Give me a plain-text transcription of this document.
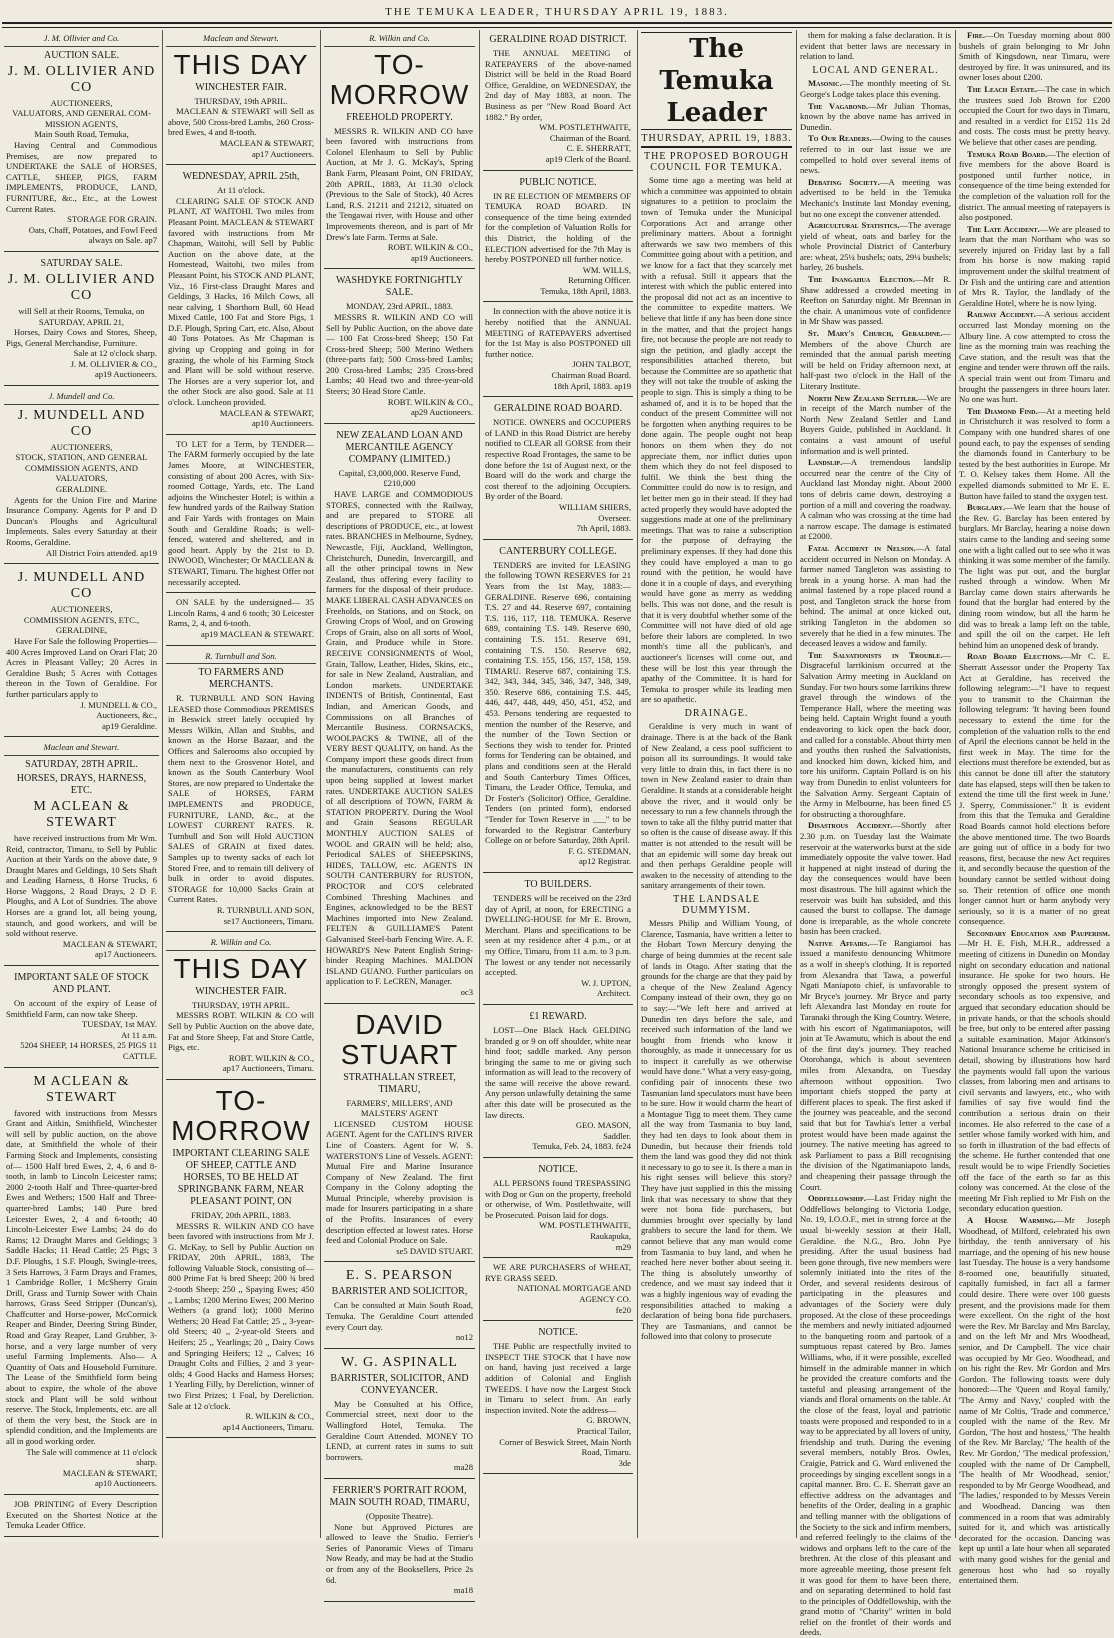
THE TEMUKA LEADER, THURSDAY APRIL 19, 1883.
J. M. Ollivier and Co.
AUCTION SALE.
J. M. OLLIVIER AND CO
AUCTIONEERS,
VALUATORS, AND GENERAL COM-
MISSION AGENTS,
Main South Road, Temuka,
Having Central and Commodious Premises, are now prepared to UNDERTAKE the SALE of HORSES, CATTLE, SHEEP, PIGS, FARM IMPLEMENTS, PRODUCE, LAND, FURNITURE, &c., Etc., at the Lowest Current Rates.
STORAGE FOR GRAIN.
Oats, Chaff, Potatoes, and Fowl Feed always on Sale. ap7
SATURDAY SALE.
J. M. OLLIVIER AND CO
will Sell at their Rooms, Temuka, on
SATURDAY, APRIL 21,
Horses, Dairy Cows and Stores, Sheep, Pigs, General Merchandise, Furniture.
Sale at 12 o'clock sharp.
J. M. OLLIVIER & CO.,
ap19 Auctioneers.
J. Mundell and Co.
J. MUNDELL AND CO
AUCTIONEERS,
STOCK, STATION, AND GENERAL COMMISSION AGENTS, AND VALUATORS,
GERALDINE.
Agents for the Union Fire and Marine Insurance Company. Agents for P and D Duncan's Ploughs and Agricultural Implements. Sales every Saturday at their Rooms, Geraldine.
All District Foirs attended. ap19
J. MUNDELL AND CO
AUCTIONEERS,
COMMISSION AGENTS, ETC.,
GERALDINE,
Have For Sale the following Properties— 400 Acres Improved Land on Orari Flat; 20 Acres in Pleasant Valley; 20 Acres in Geraldine Bush; 5 Acres with Cottages thereon in the Town of Geraldine. For further particulars apply to
J. MUNDELL & CO.,
Auctioneers, &c.,
ap19 Geraldine.
Maclean and Stewart.
SATURDAY, 28TH APRIL.
HORSES, DRAYS, HARNESS, ETC.
M ACLEAN & STEWART
have received instructions from Mr Wm. Reid, contractor, Timaru, to Sell by Public Auction at their Yards on the above date, 9 Draught Mares and Geldings, 10 Sets Shaft and Leading Harness, 8 Horse Trucks, 6 Horse Waggons, 2 Road Drays, 2 D F. Ploughs, and A Lot of Sundries. The above Horses are a grand lot, all being young, staunch, and good workers, and will be sold without reserve.
MACLEAN & STEWART,
ap17 Auctioneers.
IMPORTANT SALE OF STOCK AND PLANT.
On account of the expiry of Lease of Smithfield Farm, can now take Sheep.
TUESDAY, 1st MAY.
At 11 a.m.
5204 SHEEP, 14 HORSES, 25 PIGS 11 CATTLE.
M ACLEAN & STEWART
favored with instructions from Messrs Grant and Aitkin, Smithfield, Winchester will sell by public auction, on the above date, at Smithfield the whole of their Farming Stock and Implements, consisting of— 1500 Half bred Ewes, 2, 4, 6 and 8-tooth, in lamb to Lincoln Leicester rams; 2000 2-tooth Half and Three-quarter-bred Ewes and Wethers; 1500 Half and Three-quarter-bred Lambs; 140 Pure bred Leicester Ewes, 2, 4 and 6-tooth; 40 Lincoln-Leicester Ewe Lambs; 24 do do Rams; 12 Draught Mares and Geldings; 3 Saddle Hacks; 11 Head Cattle; 25 Pigs; 3 D.F. Ploughs, 1 S.F. Plough, Swingle-trees, 3 Sets Harrows, 3 Farm Drays and Frames, 1 Cambridge Roller, 1 McSherry Grain Drill, Grass and Turnip Sower with Chain harrows, Grass Seed Stripper (Duncan's), Chaffcutter and Horse-power, McCormick Reaper and Binder, Deering String Binder, Road and Gray Reaper, Land Grubber, 3-horse, and a very large number of very useful Farming Implements. Also— A Quantity of Oats and Household Furniture. The Lease of the Smithfield form being about to expire, the whole of the above stock and Plant will be sold without reserve. The Stock, Implements, etc. are all of them the very best, the Stock are in splendid condition, and the Implements are all in good working order.
The Sale will commence at 11 o'clock sharp.
MACLEAN & STEWART,
ap10 Auctioneers.
JOB PRINTING of Every Description Executed on the Shortest Notice at the Temuka Leader Office.
Maclean and Stewart.
THIS DAY
WINCHESTER FAIR.
THURSDAY, 19th APRIL.
MACLEAN & STEWART will Sell as above, 500 Cross-bred Lambs, 260 Cross-bred Ewes, 4 and 8-tooth.
MACLEAN & STEWART,
ap17 Auctioneers.
WEDNESDAY, APRIL 25th,
At 11 o'clock.
CLEARING SALE OF STOCK AND PLANT, AT WAITOHI. Two miles from Pleasant Point. MACLEAN & STEWART favored with instructions from Mr Chapman, Waitohi, will Sell by Public Auction on the above date, at the Homestead, Waitohi, two miles from Pleasant Point, his STOCK AND PLANT, Viz., 16 First-class Draught Mares and Geldings, 3 Hacks, 16 Milch Cows, all near calving, 1 Shorthorn Bull, 60 Head Mixed Cattle, 100 Fat and Store Pigs, 1 D.F. Plough, Spring Cart, etc. Also, About 40 Tons Potatoes. As Mr Chapman is giving up Cropping and going in for grazing, the whole of his Farming Stock and Plant will be sold without reserve. The Horses are a very superior lot, and the other Stock are also good. Sale at 11 o'clock. Luncheon provided.
MACLEAN & STEWART,
ap10 Auctioneers.
TO LET for a Term, by TENDER— The FARM formerly occupied by the late James Moore, at WINCHESTER, consisting of about 200 Acres, with Six-roomed Cottage, Yards, etc. The Land adjoins the Winchester Hotel; is within a few hundred yards of the Railway Station and Fair Yards with frontages on Main South and Geraldine Roads; is well-fenced, watered and sheltered, and in good heart. Apply by the 21st to D. INWOOD, Winchester; Or MACLEAN & STEWART, Timaru. The highest Offer not necessarily accepted.
ON SALE by the undersigned— 35 Lincoln Rams, 4 and 6 tooth; 30 Leicester Rams, 2, 4, and 6-tooth.
ap19 MACLEAN & STEWART.
R. Turnbull and Son.
TO FARMERS AND MERCHANTS.
R. TURNBULL AND SON Having LEASED those Commodious PREMISES in Beswick street lately occupied by Messrs Wilkin, Allan and Stubbs, and known as the Horse Bazaar, and the Offices and Salerooms also occupied by them next to the Grosvenor Hotel, and known as the South Canterbury Wool Stores, are now prepared to Undertake the SALE of HORSES, FARM IMPLEMENTS and PRODUCE, FURNITURE, LAND, &c., at the LOWEST CURRENT RATES. R. Turnbull and Son will Hold AUCTION SALES of GRAIN at fixed dates. Samples up to twenty sacks of each lot Stored Free, and to remain till delivery of bulk in order to avoid disputes. STORAGE for 10,000 Sacks Grain at Current Rates.
R. TURNBULL AND SON,
se17 Auctioneers, Timaru.
R. Wilkin and Co.
THIS DAY
WINCHESTER FAIR.
THURSDAY, 19TH APRIL.
MESSRS ROBT. WILKIN & CO will Sell by Public Auction on the above date, Fat and Store Sheep, Fat and Store Cattle, Pigs, etc.
ROBT. WILKIN & CO.,
ap17 Auctioneers, Timaru.
TO-MORROW
IMPORTANT CLEARING SALE OF SHEEP, CATTLE AND HORSES, TO BE HELD AT SPRINGBANK FARM, NEAR PLEASANT POINT, ON
FRIDAY, 20th APRIL, 1883.
MESSRS R. WILKIN AND CO have been favored with instructions from Mr J. G. McKay, to Sell by Public Auction on FRIDAY, 20th APRIL, 1883, The following Valuable Stock, consisting of— 800 Prime Fat ¾ bred Sheep; 200 ¾ bred 2-tooth Sheep; 250 ,, Spaying Ewes; 450 ,, Lambs; 1200 Merino Ewes; 200 Merino Wethers (a grand lot); 1000 Merino Wethers; 20 Head Fat Cattle; 25 ,, 3-year-old Steers; 40 ,, 2-year-old Steers and Heifers; 25 ,, Yearlings; 20 ,, Dairy Cows and Springing Heifers; 12 ,, Calves; 16 Draught Colts and Fillies, 2 and 3 year-olds; 4 Good Hacks and Harness Horses; 1 Yearling Filly, by Dereliction, winner of two First Prizes; 1 Foal, by Dereliction. Sale at 12 o'clock.
R. WILKIN & CO.,
ap14 Auctioneers, Timaru.
R. Wilkin and Co.
TO-MORROW
FREEHOLD PROPERTY.
MESSRS R. WILKIN AND CO have been favored with instructions from Colonel Elenhaum to Sell by Public Auction, at Mr J. G. McKay's, Spring Bank Farm, Pleasant Point, ON FRIDAY, 20th APRIL, 1883, At 11.30 o'clock (Previous to the Sale of Stock), 40 Acres Land, R.S. 21211 and 21212, situated on the Tengawai river, with House and other Improvements thereon, and is part of Mr Drew's late Farm. Terms at Sale.
ROBT. WILKIN & CO.,
ap19 Auctioneers.
WASHDYKE FORTNIGHTLY SALE.
MONDAY, 23rd APRIL, 1883.
MESSRS R. WILKIN AND CO will Sell by Public Auction, on the above date— 100 Fat Cross-bred Sheep; 150 Fat Cross-bred Sheep; 500 Merino Wethers (three-parts fat); 500 Cross-bred Lambs; 200 Cross-bred Lambs; 235 Cross-bred Lambs; 40 Head two and three-year-old Steers; 30 Head Store Cattle.
ROBT. WILKIN & CO.,
ap29 Auctioneers.
NEW ZEALAND LOAN AND MERCANTILE AGENCY COMPANY (LIMITED.)
Capital, £3,000,000. Reserve Fund, £210,000
HAVE LARGE and COMMODIOUS STORES, connected with the Railway, and are prepared to STORE all descriptions of PRODUCE, etc., at lowest rates. BRANCHES in Melbourne, Sydney, Newcastle, Fiji, Auckland, Wellington, Christchurch, Dunedin, Invercargill, and all the other principal towns in New Zealand, thus offering every facility to farmers for the disposal of their produce. MAKE LIBERAL CASH ADVANCES on Freeholds, on Stations, and on Stock, on Growing Crops of Wool, and on Growing Crops of Grain, also on all sorts of Wool, Grain, and Produce while in Store. RECEIVE CONSIGNMENTS of Wool, Grain, Tallow, Leather, Hides, Skins, etc., for sale in New Zealand, Australian, and London markets. UNDERTAKE INDENTS of British, Continental, East Indian, and American Goods, and Commissions on all Branches of Mercantile Business. CORNSACKS, WOOLPACKS & TWINE, all of the VERY BEST QUALITY, on hand. As the Company import these goods direct from the manufacturers, constituents can rely upon being supplied at lowest market rates. UNDERTAKE AUCTION SALES of all descriptions of TOWN, FARM & STATION PROPERTY. During the Wool and Grain Seasons REGULAR MONTHLY AUCTION SALES of WOOL and GRAIN will be held; also, Periodical SALES of SHEEPSKINS, HIDES, TALLOW, etc. AGENTS IN SOUTH CANTERBURY for RUSTON, PROCTOR and CO'S celebrated Combined Threshing Machines and Engines, acknowledged to be the BEST Machines imported into New Zealand. FELTEN & GUILLIAME'S Patent Galvanised Steel-barb Fencing Wire. A. F. HOWARD'S New Patent English String-binder Reaping Machines. MALDON ISLAND GUANO. Further particulars on application to F. LeCREN, Manager.
oc3
DAVID STUART
STRATHALLAN STREET, TIMARU,
FARMERS', MILLERS', AND MALSTERS' AGENT
LICENSED CUSTOM HOUSE AGENT. Agent for the CATLIN'S RIVER Line of Coasters. Agent for W. S. WATERSTON'S Line of Vessels. AGENT: Mutual Fire and Marine Insurance Company of New Zealand. The first Company in the Colony adopting the Mutual Principle, whereby provision is made for Insurers participating in a share of the Profits. Insurances of every description effected at lowest rates. Horse feed and Colonial Produce on Sale.
se5 DAVID STUART.
E. S. PEARSON
BARRISTER AND SOLICITOR,
Can be consulted at Main South Road, Temuka. The Geraldine Court attended every Court day.
no12
W. G. ASPINALL
BARRISTER, SOLICITOR, AND CONVEYANCER.
May be Consulted at his Office, Commercial street, next door to the Wallingford Hotel, Temuka. The Geraldine Court Attended. MONEY TO LEND, at current rates in sums to suit borrowers.
ma28
FERRIER'S PORTRAIT ROOM, MAIN SOUTH ROAD, TIMARU,
(Opposite Theatre).
None but Approved Pictures are allowed to leave the Studio. Ferrier's Series of Panoramic Views of Timaru Now Ready, and may be had at the Studio or from any of the Booksellers, Price 2s 6d.
ma18
GERALDINE ROAD DISTRICT.
THE ANNUAL MEETING of RATEPAYERS of the above-named District will be held in the Road Board Office, Geraldine, on WEDNESDAY, the 2nd day of May 1883, at noon. The Business as per "New Road Board Act 1882." By order,
WM. POSTLETHWAITE,
Chairman of the Board.
C. E. SHERRATT,
ap19 Clerk of the Board.
PUBLIC NOTICE.
IN RE ELECTION OF MEMBERS OF TEMUKA ROAD BOARD. IN consequence of the time being extended for the completion of Valuation Rolls for this District, the holding of the ELECTION advertised for the 7th May is hereby POSTPONED till further notice.
WM. WILLS,
Returning Officer.
Temuka, 18th April, 1883.
In connection with the above notice it is hereby notified that the ANNUAL MEETING of RATEPAYERS advertised for the 1st May is also POSTPONED till further notice.
JOHN TALBOT,
Chairman Road Board.
18th April, 1883. ap19
GERALDINE ROAD BOARD.
NOTICE. OWNERS and OCCUPIERS of LAND in this Road District are hereby notified to CLEAR all GORSE from their respective Road Frontages, the same to be done before the 1st of August next, or the Board will do the work and charge the cost thereof to the adjoining Occupiers. By order of the Board.
WILLIAM SHIERS,
Overseer.
7th April, 1883.
CANTERBURY COLLEGE.
TENDERS are invited for LEASING the following TOWN RESERVES for 21 Years from the 1st May, 1883:— GERALDINE. Reserve 696, containing T.S. 27 and 44. Reserve 697, containing T.S. 116, 117, 118. TEMUKA. Reserve 689, containing T.S. 149. Reserve 690, containing T.S. 151. Reserve 691, containing T.S. 150. Reserve 692, containing T.S. 155, 156, 157, 158, 159. TIMARU. Reserve 687, containing T.S. 342, 343, 344, 345, 346, 347, 348, 349, 350. Reserve 686, containing T.S. 445, 446, 447, 448, 449, 450, 451, 452, and 453. Persons tendering are requested to mention the number of the Reserve, and the number of the Town Section or Sections they wish to tender for. Printed forms for Tendering can be obtained, and plans and conditions seen at the Herald and South Canterbury Times Offices, Timaru, the Leader Office, Temuka, and Dr Foster's (Solicitor) Office, Geraldine. Tenders (on printed form), endorsed "Tender for Town Reserve in ___" to be forwarded to the Registrar Canterbury College on or before Saturday, 28th April.
F. G. STEDMAN,
ap12 Registrar.
TO BUILDERS.
TENDERS will be received on the 23rd day of April, at noon, for ERECTING a DWELLING-HOUSE for Mr E. Brown, Merchant. Plans and specifications to be seen at my residence after 4 p.m., or at my Office, Timaru, from 11 a.m. to 3 p.m. The lowest or any tender not necessarily accepted.
W. J. UPTON,
Architect.
£1 REWARD.
LOST—One Black Hack GELDING branded g or 9 on off shoulder, white near hind foot; saddle marked. Any person bringing the same to me or giving such information as will lead to the recovery of the same will receive the above reward. Any person unlawfully detaining the same after this date will be prosecuted as the law directs.
GEO. MASON,
Saddler.
Temuka, Feb. 24, 1883. fe24
NOTICE.
ALL PERSONS found TRESPASSING with Dog or Gun on the property, freehold or otherwise, of Wm. Postlethwaite, will be Prosecuted. Poison laid for dogs.
WM. POSTLETHWAITE,
Raukapuka,
m29
WE ARE PURCHASERS of WHEAT, RYE GRASS SEED.
NATIONAL MORTGAGE AND AGENCY CO.
fe20
NOTICE.
THE Public are respectfully invited to INSPECT THE STOCK that I have now on hand, having just received a large addition of Colonial and English TWEEDS. I have now the Largest Stock in Timaru to select from. An early inspection invited. Note the address—
G. BROWN,
Practical Tailor,
Corner of Beswick Street, Main North Road, Timaru.
3de
The Temuka Leader
THURSDAY, APRIL 19, 1883.
THE PROPOSED BOROUGH COUNCIL FOR TEMUKA.
Some time ago a meeting was held at which a committee was appointed to obtain signatures to a petition to proclaim the town of Temuka under the Municipal Corporations Act and arrange other preliminary matters. About a fortnight afterwards we saw two members of this Committee going about with a petition, and we know for a fact that they scarcely met with a refusal. Still it appears that the interest with which the public entered into the proposal did not act as an incentive to the committee to expedite matters. We believe that little if any has been done since in the matter, and that the project hangs fire, not because the people are not ready to sign the petition, and gladly accept the responsibilities attached thereto, but because the Committee are so apathetic that they will not take the trouble of asking the people to sign. This is simply a thing to be ashamed of, and it is to be hoped that the conduct of the present Committee will not be forgotten when anything requires to be done again. The people ought not heap honors on them when they do not appreciate them, nor inflict duties upon them which they do not feel disposed to fulfil. We think the best thing the Committee could do now is to resign, and let better men go in their stead. If they had acted properly they would have adopted the suggestions made at one of the preliminary meetings. That was to raise a subscription for the purpose of defraying the preliminary expenses. If they had done this they could have employed a man to go round with the petition, he would have done it in a couple of days, and everything would have gone as merry as wedding bells. This was not done, and the result is that it is very doubtful whether some of the Committee will not have died of old age before their labors are completed. In two month's time all the publican's, and auctioneer's licenses will come out, and these will be lost this year through the apathy of the Committee. It is hard for Temuka to prosper while its leading men are so apathetic.
DRAINAGE.
Geraldine is very much in want of drainage. There is at the back of the Bank of New Zealand, a cess pool sufficient to poison all its surroundings. It would take very little to drain this, in fact there is no town in New Zealand easier to drain than Geraldine. It stands at a considerable height above the river, and it would only be necessary to run a few channels through the town to take all the filthy putrid matter that so often is the cause of disease away. If this matter is not attended to the result will be that an epidemic will some day break out and then perhaps Geraldine people will awaken to the necessity of attending to the sanitary arrangements of their town.
THE LANDSALE DUMMYISM.
Messrs Philip and William Young, of Clarence, Tasmania, have written a letter to the Hobart Town Mercury denying the charge of being dummies at the recent sale of lands in Otago. After stating that the grounds for the charge are that they paid by a cheque of the New Zealand Agency Company instead of their own, they go on to say:—"We left here and arrived at Dunedin ten days before the sale, and received such information of the land we bought from friends who know it thoroughly, as made it unnecessary for us to inspect it carefully as we otherwise would have done." What a very easy-going, confiding pair of innocents these two Tasmanian land speculators must have been to be sure. How it would charm the heart of a Montague Tigg to meet them. They came all the way from Tasmania to buy land, they had ten days to look about them in Dunedin, but because their friends told them the land was good they did not think it necessary to go to see it. Is there a man in his right senses will believe this story? They have just supplied in this the missing link that was necessary to show that they were not bona fide purchasers, but dummies brought over specially by land grabbers to secure the land for them. We cannot believe that any man would come from Tasmania to buy land, and when he reached here never bother about seeing it. The thing is absolutely unworthy of credence, and we must say indeed that it was a highly ingenious way of evading the responsibilities attached to making a declaration of being bona fide purchasers. They are Tasmanians, and cannot be followed into that colony to prosecute
them for making a false declaration. It is evident that better laws are necessary in relation to land.
LOCAL AND GENERAL.
Masonic.—The monthly meeting of St. George's Lodge takes place this evening.
The Vagabond.—Mr Julian Thomas, known by the above name has arrived in Dunedin.
To Our Readers.—Owing to the causes referred to in our last issue we are compelled to hold over several items of news.
Debating Society.—A meeting was advertised to be held in the Temuka Mechanic's Institute last Monday evening, but no one except the convener attended.
Agricultural Statistics.—The average yield of wheat, oats and barley for the whole Provincial District of Canterbury are: wheat, 25¼ bushels; oats, 29¼ bushels; barley, 26 bushels.
The Inangahua Election.—Mr R. Shaw addressed a crowded meeting in Reefton on Saturday night. Mr Brennan in the chair. A unanimous vote of confidence in Mr Shaw was passed.
St. Mary's Church, Geraldine.—Members of the above Church are reminded that the annual parish meeting will be held on Friday afternoon next, at half-past two o'clock in the Hall of the Literary Institute.
North New Zealand Settler.—We are in receipt of the March number of the North New Zealand Settler and Land Buyers Guide, published in Auckland. It contains a vast amount of useful information and is well printed.
Landslip.—A tremendous landslip occurred near the centre of the City of Auckland last Monday night. About 2000 tons of debris came down, destroying a portion of a mill and covering the roadway. A calman who was crossing at the time had a narrow escape. The damage is estimated at £2000.
Fatal Accident in Nelson.—A fatal accident occurred in Nelson on Monday. A farmer named Tangleton was assisting to break in a young horse. A man had the animal fastened by a rope placed round a post, and Tangleton struck the horse from behind. The animal at once kicked out, striking Tangleton in the abdomen so severely that he died in a few minutes. The deceased leaves a widow and family.
The Salvationists in Trouble.—Disgraceful larrikinism occurred at the Salvation Army meeting in Auckland on Sunday. For two hours some larrikins threw gravel through the windows of the Temperance Hall, where the meeting was being held. Captain Wright found a youth endeavoring to kick open the back door, and called for a constable. About thirty men and youths then rushed the Salvationists, and knocked him down, kicked him, and tore his uniform. Captain Pollard is on his way from Dunedin to enlist volunteers for the Salvation Army. Sergeant Captain of the Army in Melbourne, has been fined £5 for obstructing a thoroughfare.
Disastrous Accident.—Shortly after 2.30 p.m. on Tuesday last the Waimate reservoir at the waterworks burst at the side immediately opposite the valve tower. Had it happened at night instead of during the day the consequences would have been most disastrous. The hill against which the reservoir was built has subsided, and this caused the burst to collapse. The damage done is irreparable, as the whole concrete basin has been cracked.
Native Affairs.—Te Rangiamoi has issued a manifesto denouncing Whitmore as a wolf in sheep's clothing. It is reported from Alexandra that Tawa, a powerful Ngati Maniapoto chief, is unfavorable to Mr Bryce's journey. Mr Bryce and party left Alexandra last Monday en route for Taranaki through the King Country. Wetere, with his escort of Ngatimaniapotos, will join at Te Awamutu, which is about the end of the first day's journey. They reached Otorohanga, which is about seventeen miles from Alexandra, on Tuesday afternoon without opposition. Two important chiefs stopped the party at different places to speak. The first asked if the journey was peaceable, and the second said that but for Tawhia's letter a verbal protest would have been made against the journey. The native meeting has agreed to ask Parliament to pass a Bill recognising the division of the Ngatimaniapoto lands, and cheapening their passage through the Court.
Oddfellowship.—Last Friday night the Oddfellows belonging to Victoria Lodge, No. 19, I.O.O.F., met in strong force at the usual bi-weekly session at their Hall, Geraldine. the N.G., Bro. John Pye presiding. After the usual business had been gone through, five new members were solemnly initiated into the rites of the Order, and several residents desirous of participating in the pleasures and advantages of the Society were duly proposed. At the close of these proceedings the members and newly initiated adjourned to the banqueting room and partook of a sumptuous repast catered by Bro. James Williams, who, if it were possible, excelled himself in the admirable manner in which he provided the creature comforts and the tasteful and pleasing arrangement of the viands and floral ornaments on the table. At the close of the feast, loyal and patriotic toasts were proposed and responded to in a way to be appreciated by all lovers of unity, friendship and truth. During the evening several members, notably Bros. Owles, Craigie, Patrick and G. Ward enlivened the proceedings by singing excellent songs in a capital manner. Bro. C. E. Sherratt gave an effective address on the advantages and benefits of the Order, dealing in a graphic and telling manner with the obligations of the Society to the sick and infirm members, and referred feelingly to the claims of the widows and orphans left to the care of the brethren. At the close of this pleasant and more agreeable meeting, those present felt it was good for them to have been there, and on separating determined to hold fast to the principles of Oddfellowship, with the grand motto of "Charity" written in bold relief on the frontlet of their words and deeds.
Fire.—On Tuesday morning about 800 bushels of grain belonging to Mr John Smith of Kingsdown, near Timaru, were destroyed by fire. It was uninsured, and its owner loses about £200.
The Leach Estate.—The case in which the trustees sued Job Brown for £200 occupied the Court for two days in Timaru, and resulted in a verdict for £152 11s 2d and costs. The costs must be pretty heavy. We believe that other cases are pending.
Temuka Road Board.—The election of five members for the above Board is postponed until further notice, in consequence of the time being extended for the completion of the valuation roll for the district. The annual meeting of ratepayers is also postponed.
The Late Accident.—We are pleased to learn that the man Northam who was so severely injured on Friday last by a fall from his horse is now making rapid improvement under the skilful treatment of Dr Fish and the untiring care and attention of Mrs R. Taylor, the landlady of the Geraldine Hotel, where he is now lying.
Railway Accident.—A serious accident occurred last Monday morning on the Albury line. A cow attempted to cross the line as the morning train was reaching the Cave station, and the result was that the engine and tender were thrown off the rails. A special train went out from Timaru and brought the passengers in three hours later. No one was hurt.
The Diamond Find.—At a meeting held in Christchurch it was resolved to form a Company with one hundred shares of one pound each, to pay the expenses of sending the diamonds found in Canterbury to be tested by the best authorities in Europe. Mr T. O. Kelsey takes them Home. All the expelled diamonds submitted to Mr E. E. Button have failed to stand the oxygen test.
Burglary.—We learn that the house of the Rev. G. Barclay has been entered by burglars. Mr Barclay, hearing a noise down stairs came to the landing and seeing some one with a light called out to see who it was thinking it was some member of the family. The light was put out, and the burglar rushed through a window. When Mr Barclay came down stairs afterwards he found that the burglar had entered by the dining room window, but all the harm he did was to break a lamp left on the table, and spill the oil on the carpet. He left behind him an unopened desk of brandy.
Road Board Elections.—Mr C. E. Sherratt Assessor under the Property Tax Act at Geraldine, has received the following telegram:—"I have to request you to transmit to the Chairman the following telegram: 'It having been found necessary to extend the time for the completion of the valuation rolls to the end of April the elections cannot be held in the first week in May. The time for the elections must therefore be extended, but as this cannot be done till after the statutory date has elapsed, steps will then be taken to extend the time till the first week in June.' J. Sperry, Commissioner." It is evident from this that the Temuka and Geraldine Road Boards cannot hold elections before the above mentioned time. The two Boards are going out of office in a body for two reasons, first, because the new Act requires it, and secondly because the question of the boundary cannot be settled without doing so. Their retention of office one month longer cannot hurt or harm anybody very seriously, so it is a matter of no great consequence.
Secondary Education and Pauperism.—Mr H. E. Fish, M.H.R., addressed a meeting of citizens in Dunedin on Monday night on secondary education and national insurance. He spoke for two hours. He strongly opposed the present system of secondary schools as too expensive, and argued that secondary education should be in private hands, or that the schools should be free, but only to be entered after passing a suitable examination. Major Atkinson's National Insurance scheme he criticised in detail, showing by illustrations how hard the payments would fall upon the various classes, from laboring men and artisans to civil servants and lawyers, etc., who with families of say five would find the contribution a serious drain on their incomes. He also referred to the case of a settler whose family worked with him, and so forth in illustration of the bad effects of the scheme. He further contended that one result would be to wipe Friendly Societies off the face of the earth so far as this colony was concerned. At the close of the meeting Mr Fish replied to Mr Fish on the secondary education question.
A House Warming.—Mr Joseph Woodhead, of Milford, celebrated his own birthday, the tenth anniversary of his marriage, and the opening of his new house last Tuesday. The house is a very handsome 8-roomed one, beautifully situated, capitally furnished, in fact all a farmer could desire. There were over 100 guests present, and the provisions made for them were excellent. On the right of the host were the Rev. Mr Barclay and Mrs Barclay, and on the left Mr and Mrs Woodhead, senior, and Dr Campbell. The vice chair was occupied by Mr Geo. Woodhead, and on his right the Rev. Mr Gordon and Mrs Gordon. The following toasts were duly honored:—The 'Queen and Royal family,' 'The Army and Navy,' coupled with the name of Mr Coltis, 'Trade and commerce,' coupled with the name of the Rev. Mr Gordon, 'The host and hostess,' 'The health of the Rev. Mr Barclay,' 'The health of the Rev. Mr Gordon,' 'The medical profession,' coupled with the name of Dr Campbell, 'The health of Mr Woodhead, senior,' responded to by Mr George Woodhead, and 'The ladies,' responded to by Messrs Verein and Woodhead. Dancing was then commenced in a room that was admirably suited for it, and which was artistically decorated for the occasion. Dancing was kept up until a late hour when all separated with many good wishes for the genial and generous host who had so royally entertained them.
